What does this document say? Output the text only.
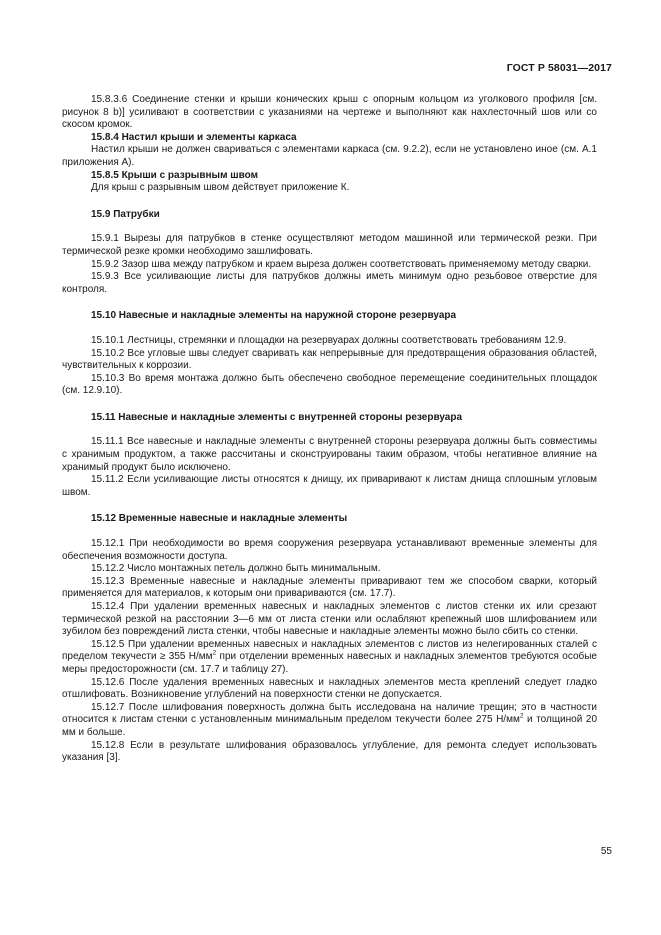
ГОСТ Р 58031—2017

15.8.3.6 Соединение стенки и крыши конических крыш с опорным кольцом из уголкового профиля [см. рисунок 8 b)] усиливают в соответствии с указаниями на чертеже и выполняют как нахлесточный шов или со скосом кромок.

15.8.4 Настил крыши и элементы каркаса

Настил крыши не должен свариваться с элементами каркаса (см. 9.2.2), если не установлено иное (см. А.1 приложения А).

15.8.5 Крыши с разрывным швом

Для крыш с разрывным швом действует приложение К.

15.9 Патрубки

15.9.1 Вырезы для патрубков в стенке осуществляют методом машинной или термической резки. При термической резке кромки необходимо зашлифовать.

15.9.2 Зазор шва между патрубком и краем выреза должен соответствовать применяемому методу сварки.

15.9.3 Все усиливающие листы для патрубков должны иметь минимум одно резьбовое отверстие для контроля.

15.10 Навесные и накладные элементы на наружной стороне резервуара

15.10.1 Лестницы, стремянки и площадки на резервуарах должны соответствовать требованиям 12.9.

15.10.2 Все угловые швы следует сваривать как непрерывные для предотвращения образования областей, чувствительных к коррозии.

15.10.3 Во время монтажа должно быть обеспечено свободное перемещение соединительных площадок (см. 12.9.10).

15.11 Навесные и накладные элементы с внутренней стороны резервуара

15.11.1 Все навесные и накладные элементы с внутренней стороны резервуара должны быть совместимы с хранимым продуктом, а также рассчитаны и сконструированы таким образом, чтобы негативное влияние на хранимый продукт было исключено.

15.11.2 Если усиливающие листы относятся к днищу, их приваривают к листам днища сплошным угловым швом.

15.12 Временные навесные и накладные элементы

15.12.1 При необходимости во время сооружения резервуара устанавливают временные элементы для обеспечения возможности доступа.

15.12.2 Число монтажных петель должно быть минимальным.

15.12.3 Временные навесные и накладные элементы приваривают тем же способом сварки, который применяется для материалов, к которым они привариваются (см. 17.7).

15.12.4 При удалении временных навесных и накладных элементов с листов стенки их или срезают термической резкой на расстоянии 3—6 мм от листа стенки или ослабляют крепежный шов шлифованием или зубилом без повреждений листа стенки, чтобы навесные и накладные элементы можно было сбить со стенки.

15.12.5 При удалении временных навесных и накладных элементов с листов из нелегированных сталей с пределом текучести ≥ 355 $Н/мм^2$ при отделении временных навесных и накладных элементов требуются особые меры предосторожности (см. 17.7 и таблицу 27).

15.12.6 После удаления временных навесных и накладных элементов места креплений следует гладко отшлифовать. Возникновение углублений на поверхности стенки не допускается.

15.12.7 После шлифования поверхность должна быть исследована на наличие трещин; это в частности относится к листам стенки с установленным минимальным пределом текучести более 275 $Н/мм^2$ и толщиной 20 мм и больше.

15.12.8 Если в результате шлифования образовалось углубление, для ремонта следует использовать указания [3].

55
